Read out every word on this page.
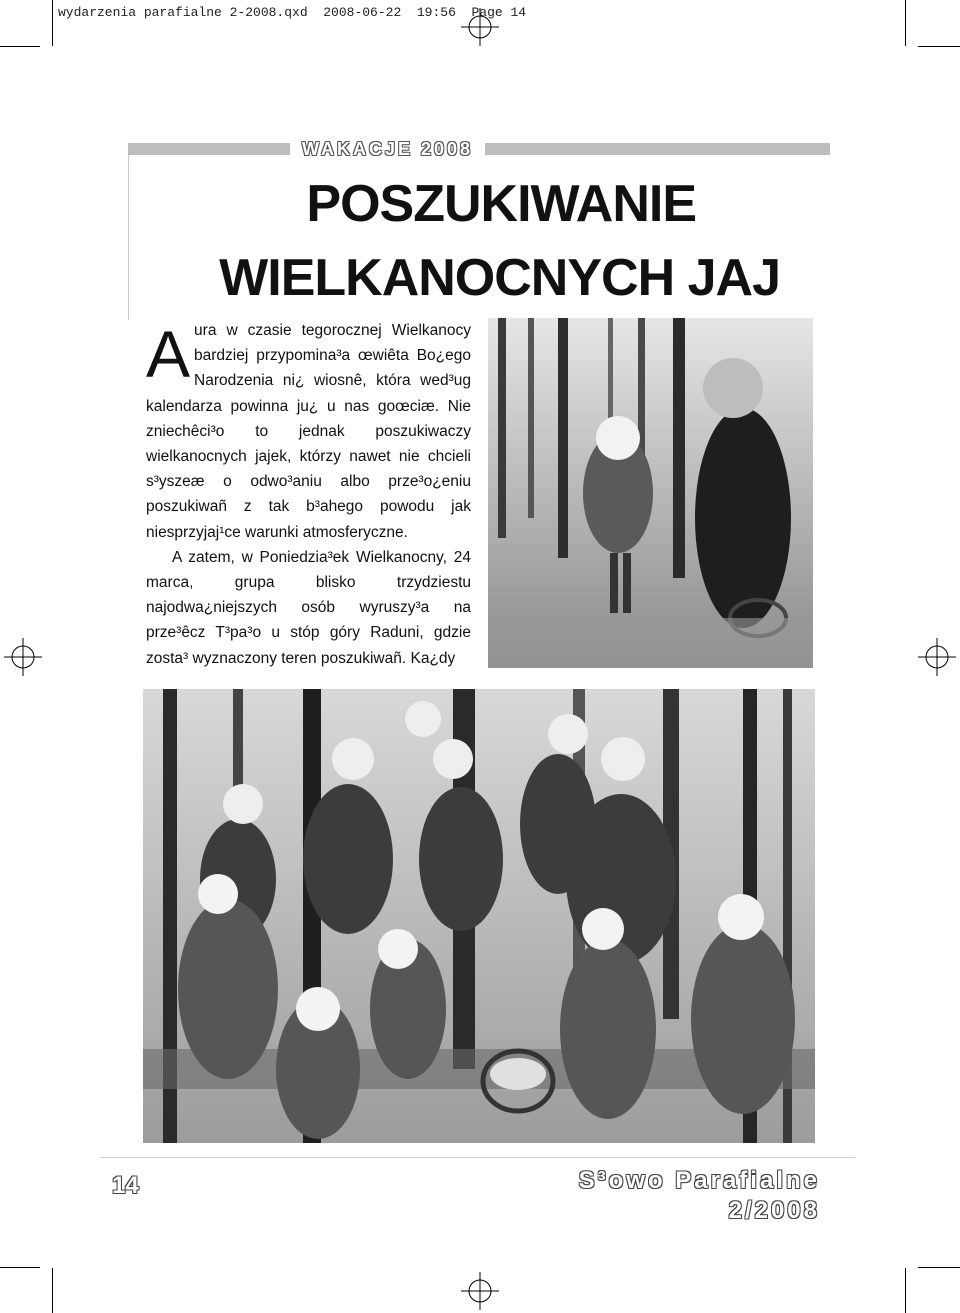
wydarzenia parafialne 2-2008.qxd  2008-06-22  19:56  Page 14
WAKACJE 2008
POSZUKIWANIE
WIELKANOCNYCH JAJ

Aura w czasie tegorocznej Wielkanocy bardziej przypomina³a œwiêta Bo¿ego Narodzenia ni¿ wiosnê, która wed³ug kalendarza powinna ju¿ u nas goœciæ. Nie zniechêci³o to jednak poszukiwaczy wielkanocnych jajek, którzy nawet nie chcieli s³yszeæ o odwo³aniu albo prze³o¿eniu poszukiwañ z tak b³ahego powodu jak niesprzyjaj¹ce warunki atmosferyczne.

A zatem, w Poniedzia³ek Wielkanocny, 24 marca, grupa blisko trzydziestu najodwa¿niejszych osób wyruszy³a na prze³êcz T³pa³o u stóp góry Raduni, gdzie zosta³ wyznaczony teren poszukiwañ. Ka¿dy

14	S³owo Parafialne
2/2008
